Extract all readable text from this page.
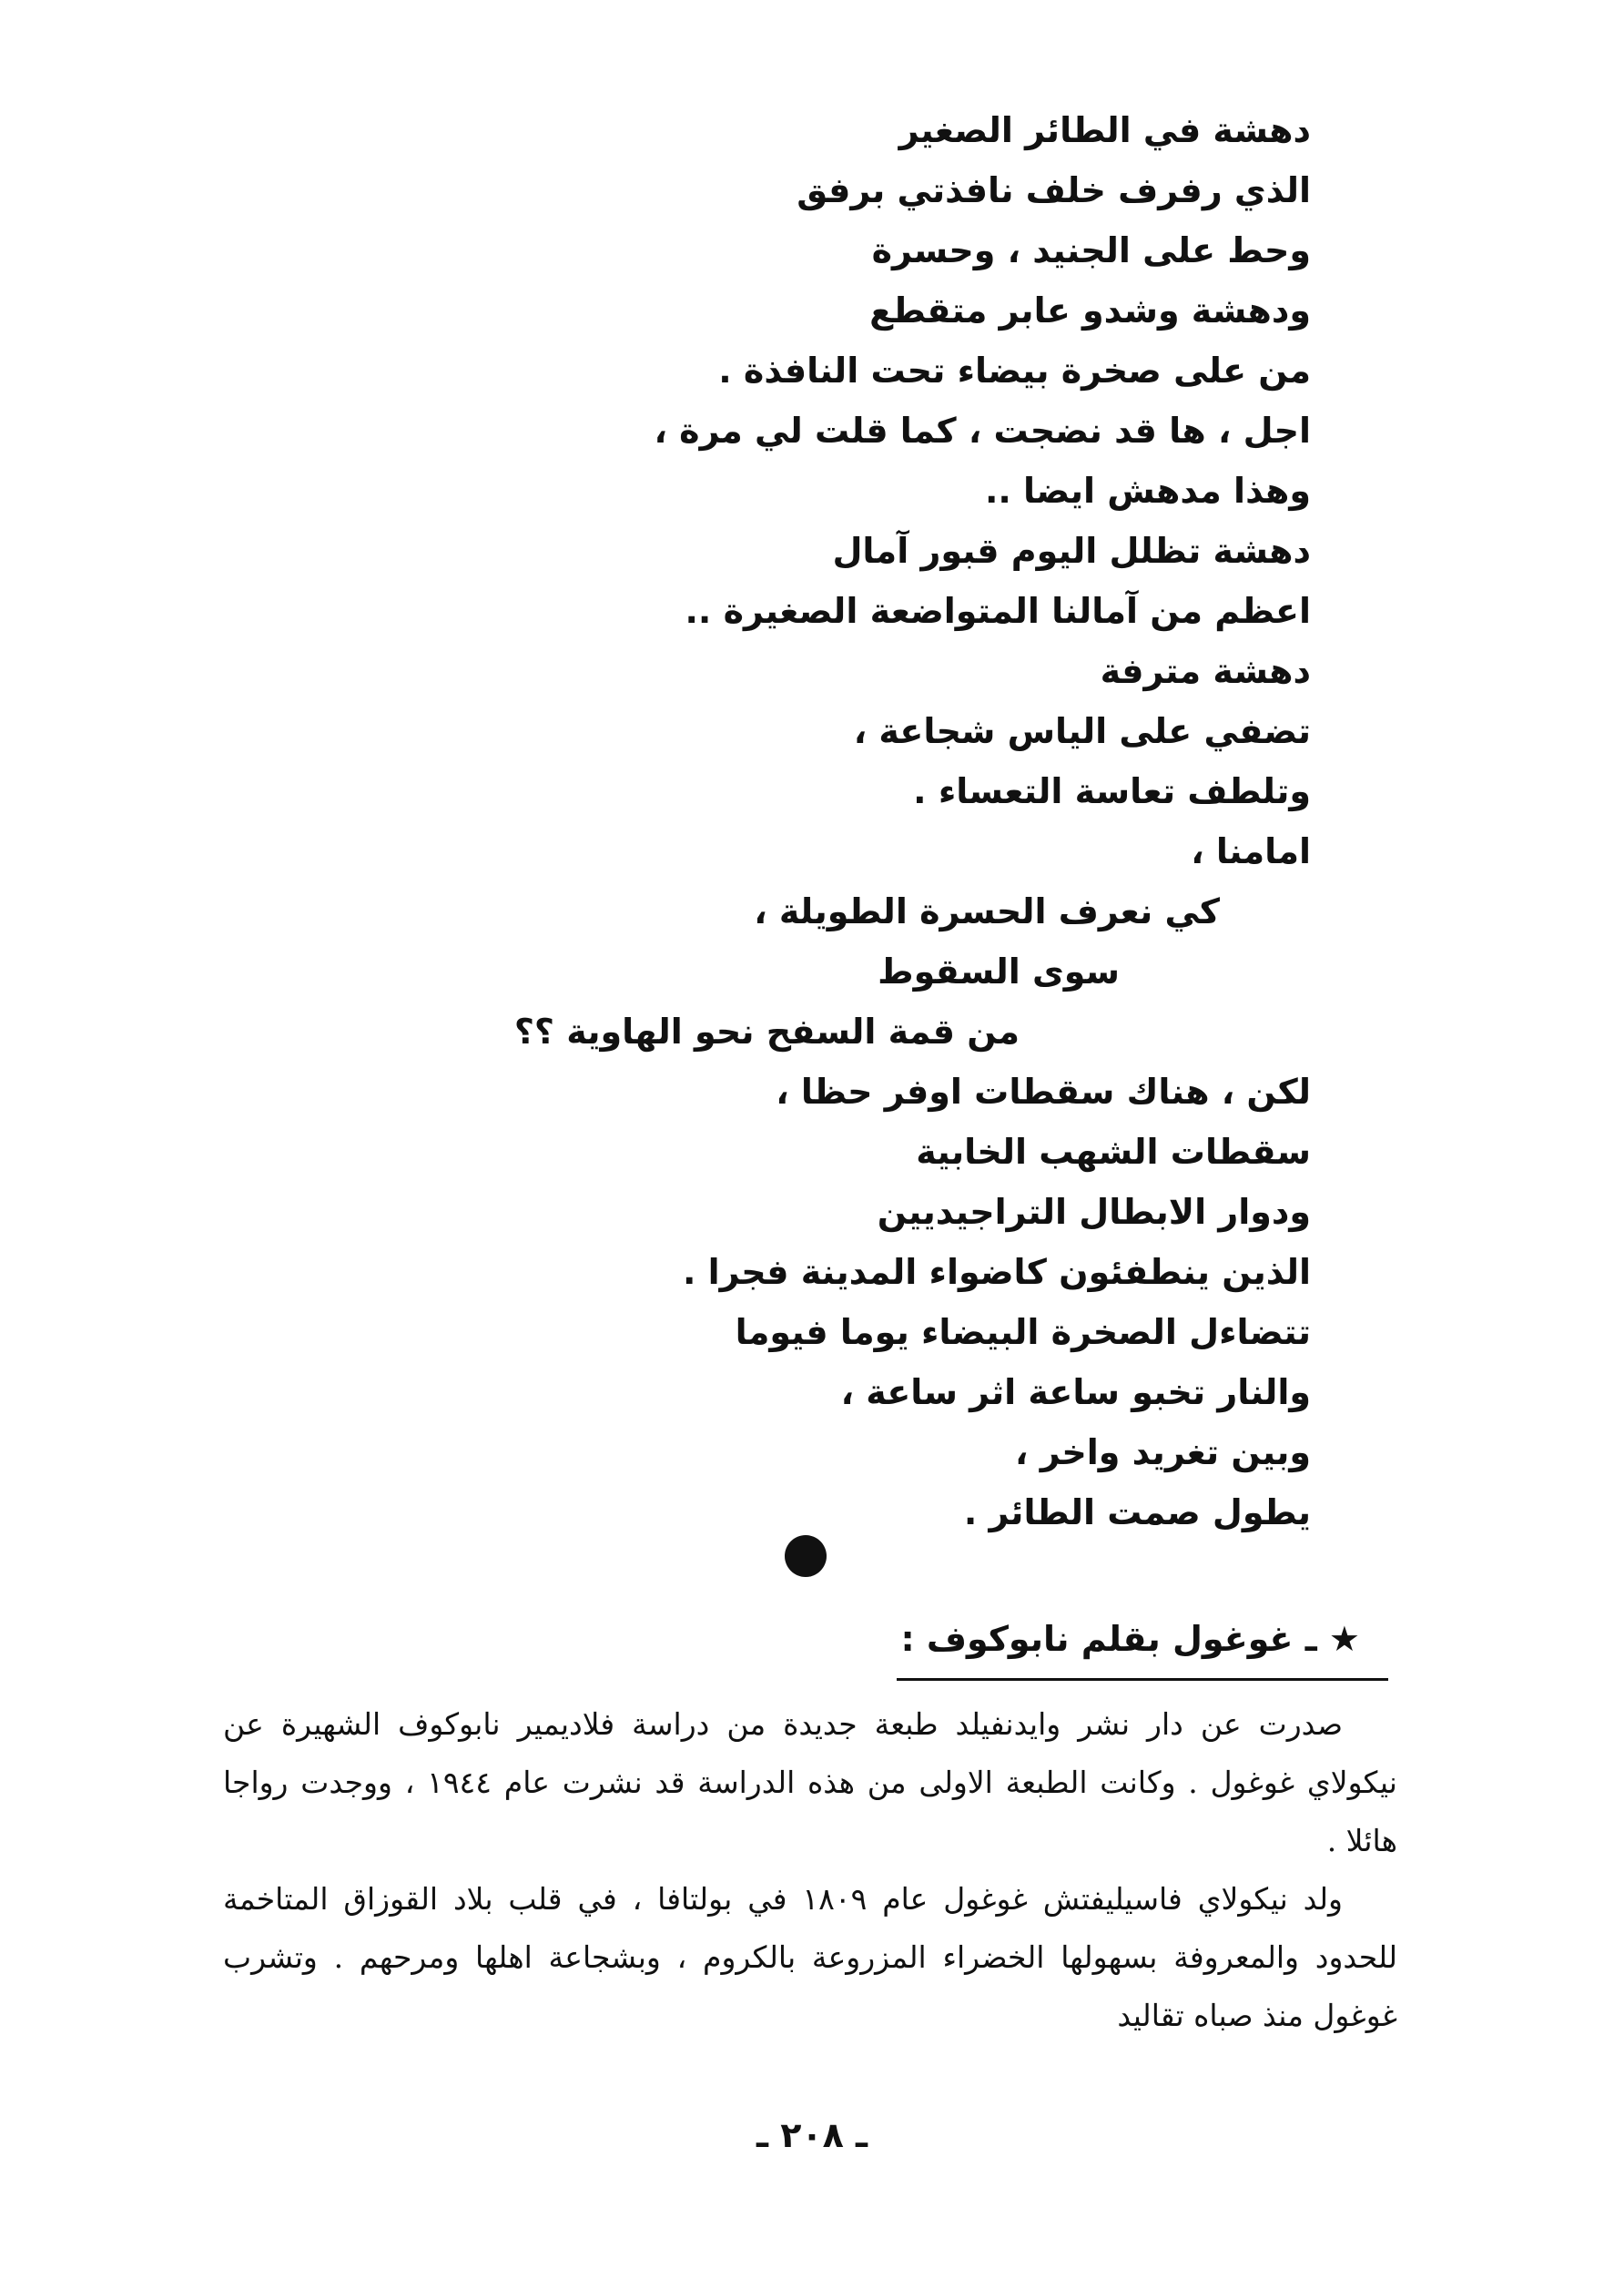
دهشة في الطائر الصغير
الذي رفرف خلف نافذتي برفق
وحط على الجنيد ، وحسرة
ودهشة وشدو عابر متقطع
من على صخرة بيضاء تحت النافذة .
اجل ، ها قد نضجت ، كما قلت لي مرة ،
وهذا مدهش ايضا ..
دهشة تظلل اليوم قبور آمال
اعظم من آمالنا المتواضعة الصغيرة ..
دهشة مترفة
تضفي على الياس شجاعة ،
وتلطف تعاسة التعساء .
امامنا ،
كي نعرف الحسرة الطويلة ،
سوى السقوط
من قمة السفح نحو الهاوية ؟؟
لكن ، هناك سقطات اوفر حظا ،
سقطات الشهب الخابية
ودوار الابطال التراجيديين
الذين ينطفئون كاضواء المدينة فجرا .
تتضاءل الصخرة البيضاء يوما فيوما
والنار تخبو ساعة اثر ساعة ،
وبين تغريد واخر ،
يطول صمت الطائر .
★ ـ غوغول بقلم نابوكوف :

صدرت عن دار نشر وايدنفيلد طبعة جديدة من دراسة فلاديمير نابوكوف الشهيرة عن نيكولاي غوغول . وكانت الطبعة الاولى من هذه الدراسة قد نشرت عام ١٩٤٤ ، ووجدت رواجا هائلا .

ولد نيكولاي فاسيليفتش غوغول عام ١٨٠٩ في بولتافا ، في قلب بلاد القوزاق المتاخمة للحدود والمعروفة بسهولها الخضراء المزروعة بالكروم ، وبشجاعة اهلها ومرحهم . وتشرب غوغول منذ صباه تقاليد

ـ ٢٠٨ ـ
